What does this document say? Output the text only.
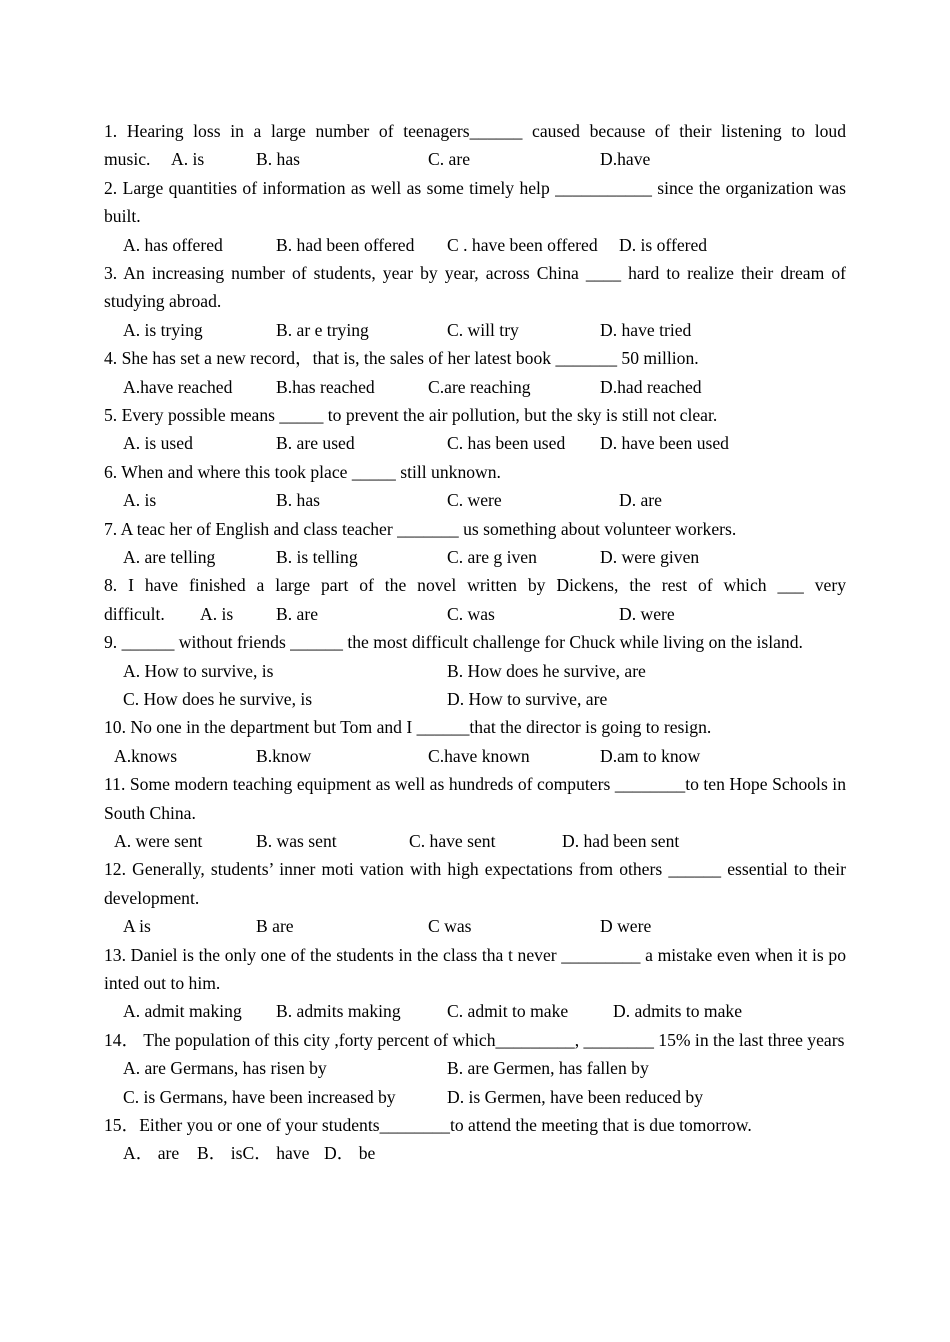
1. Hearing loss in a large number of teenagers______ caused because of their listening to loud
music. A. is	B. has	C. are	D.have
2. Large quantities of information as well as some timely help ___________ since the organization was built.
A. has offered	B. had been offered C . have been offered D. is offered
3. An increasing number of students, year by year, across China ____ hard to realize their dream of studying abroad.
A. is trying	B. ar e trying	C. will try	D. have tried
4. She has set a new record，that is, the sales of her latest book _______ 50 million.
A.have reached B.has reached	C.are reaching	D.had reached
5. Every possible means _____ to prevent the air pollution, but the sky is still not clear.
A. is used	B. are used	C. has been used D. have been used
6. When and where this took place _____ still unknown.
A. is	B. has	C. were	D. are
7. A teac her of English and class teacher _______ us something about volunteer workers.
A. are telling	B. is telling	C. are g iven	D. were given
8. I have finished a large part of the novel written by Dickens, the rest of which ___ very
difficult. A. is B. are	C. was	D. were
9. ______ without friends ______ the most difficult challenge for Chuck while living on the island.
A. How to survive, is	B. How does he survive, are
C. How does he survive, is	D. How to survive, are
10. No one in the department but Tom and I ______that the director is going to resign.
A.knows	B.know	C.have known	D.am to know
11. Some modern teaching equipment as well as hundreds of computers ________to ten Hope Schools in South China.
A. were sent	B. was sent	C. have sent	D. had been sent
12. Generally, students’ inner moti vation with high expectations from others ______ essential to their development.
A is	B are	C was	D were
13. Daniel is the only one of the students in the class tha t never _________ a mistake even when it is po inted out to him.
A. admit making B. admits making	C. admit to make	D. admits to make
14． The population of this city ,forty percent of which_________, ________ 15% in the last three years
A. are Germans, has risen by	B. are Germen, has fallen by
C. is Germans, have been increased by	D. is Germen, have been reduced by
15．Either you or one of your students________to attend the meeting that is due tomorrow.
A． are B． isC． have D． be
